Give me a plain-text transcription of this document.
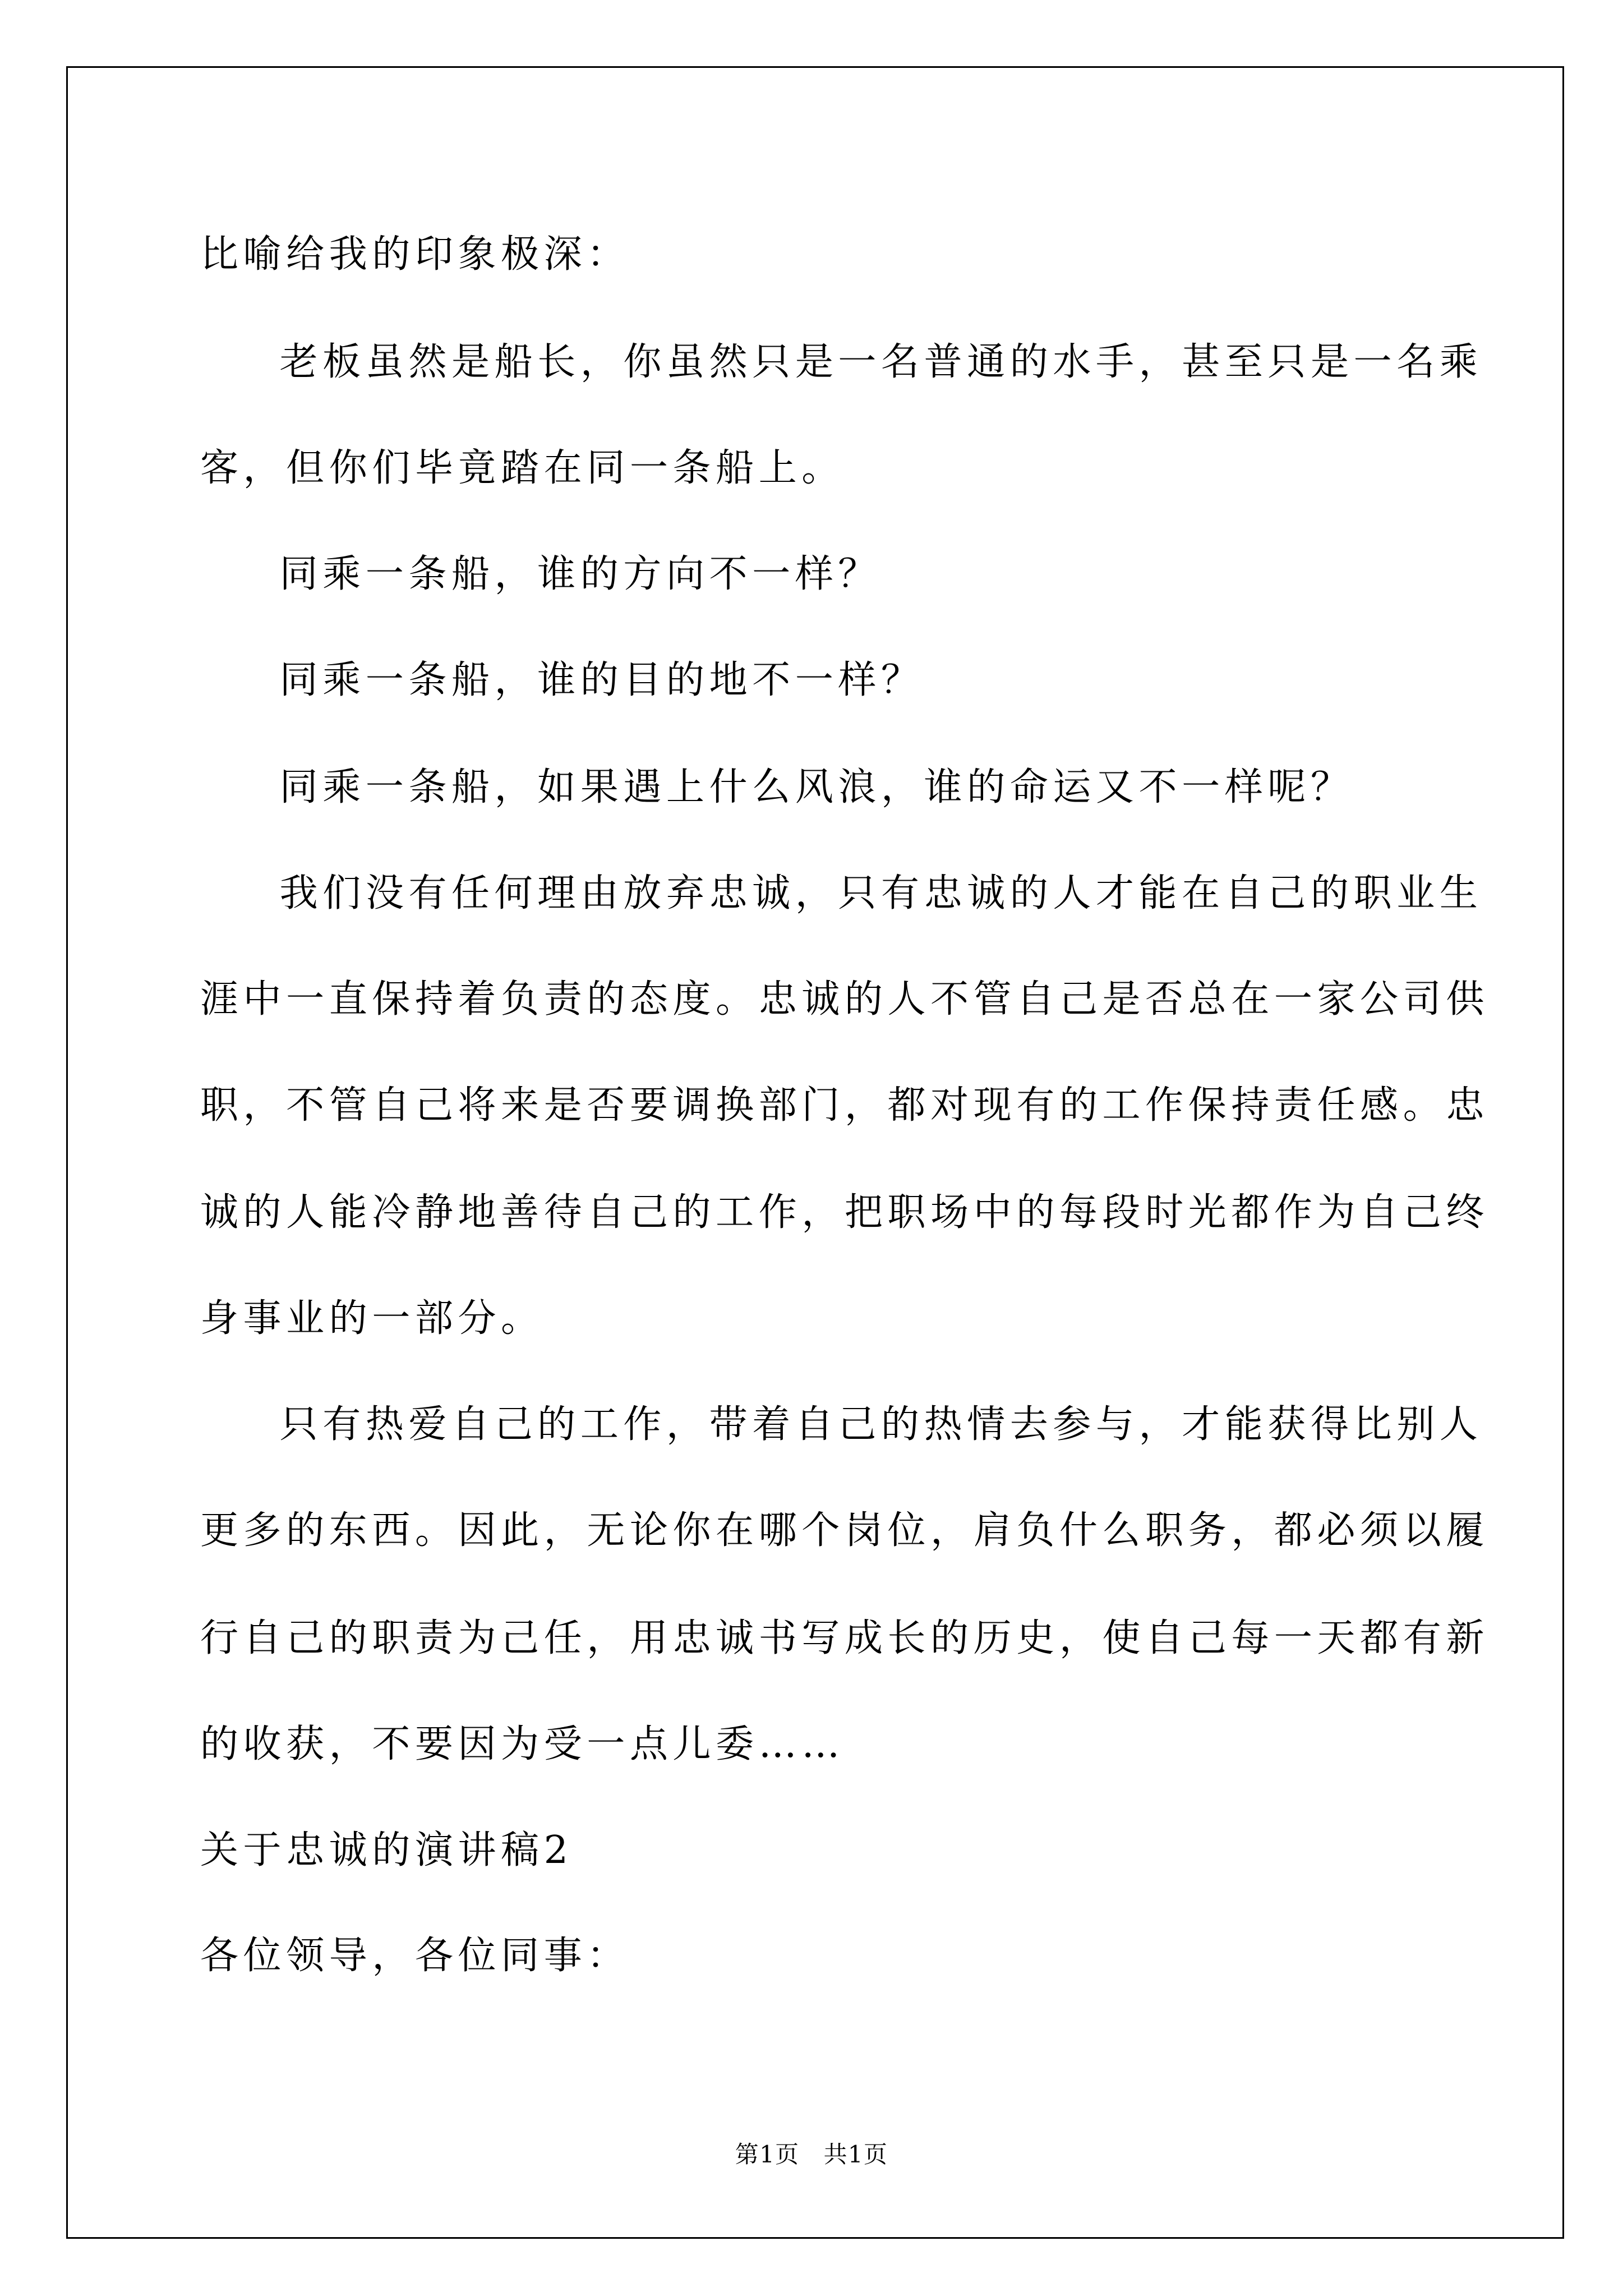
比喻给我的印象极深：
老板虽然是船长，你虽然只是一名普通的水手，甚至只是一名乘
客，但你们毕竟踏在同一条船上。
同乘一条船，谁的方向不一样？
同乘一条船，谁的目的地不一样？
同乘一条船，如果遇上什么风浪，谁的命运又不一样呢？
我们没有任何理由放弃忠诚，只有忠诚的人才能在自己的职业生
涯中一直保持着负责的态度。忠诚的人不管自己是否总在一家公司供
职，不管自己将来是否要调换部门，都对现有的工作保持责任感。忠
诚的人能冷静地善待自己的工作，把职场中的每段时光都作为自己终
身事业的一部分。
只有热爱自己的工作，带着自己的热情去参与，才能获得比别人
更多的东西。因此，无论你在哪个岗位，肩负什么职务，都必须以履
行自己的职责为己任，用忠诚书写成长的历史，使自己每一天都有新
的收获，不要因为受一点儿委……
关于忠诚的演讲稿2
各位领导，各位同事：
第1页　共1页
